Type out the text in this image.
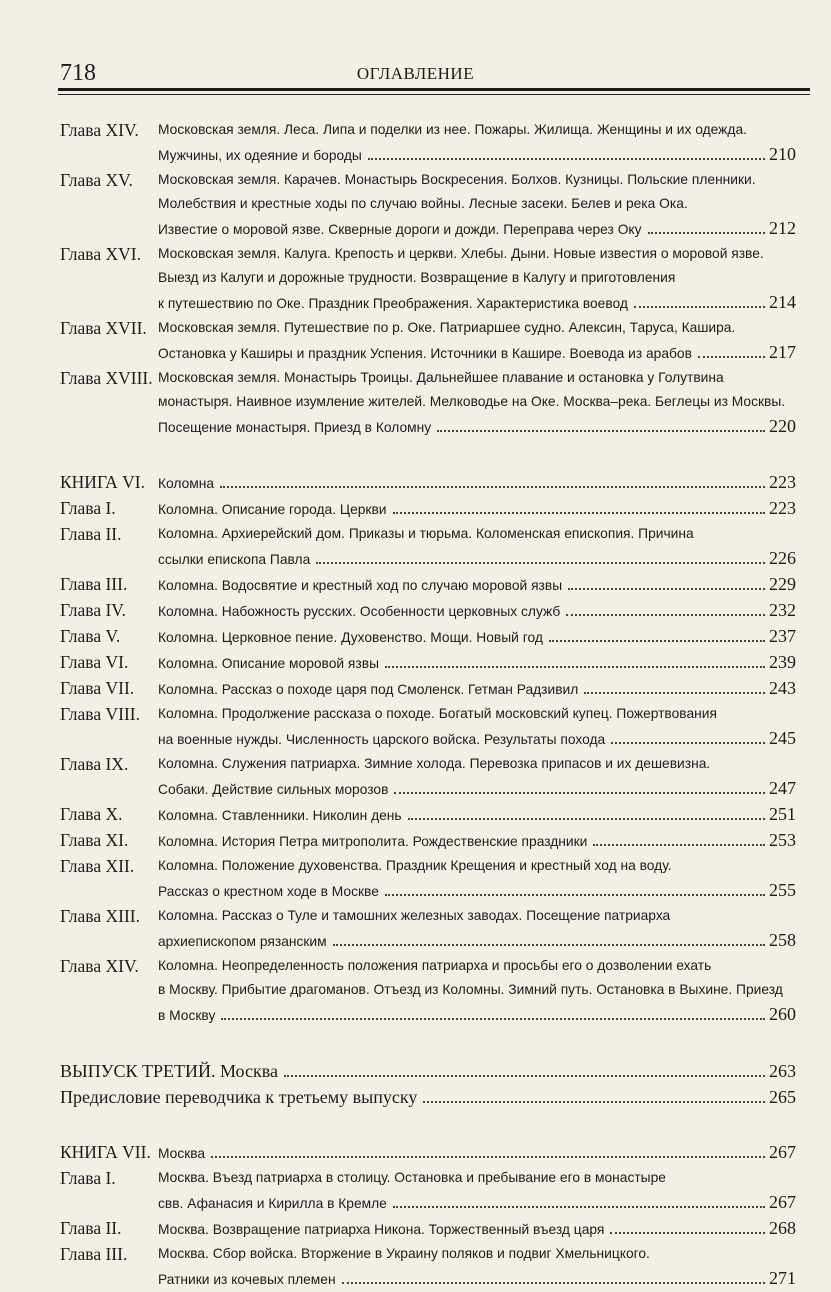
718	ОГЛАВЛЕНИЕ
Глава XIV.	Московская земля. Леса. Липа и поделки из нее. Пожары. Жилища. Женщины и их одежда.
Мужчины, их одеяние и бороды	210
Глава XV.	Московская земля. Карачев. Монастырь Воскресения. Болхов. Кузницы. Польские пленники.
Молебствия и крестные ходы по случаю войны. Лесные засеки. Белев и река Ока.
Известие о моровой язве. Скверные дороги и дожди. Переправа через Оку	212
Глава XVI.	Московская земля. Калуга. Крепость и церкви. Хлебы. Дыни. Новые известия о моровой язве.
Выезд из Калуги и дорожные трудности. Возвращение в Калугу и приготовления
к путешествию по Оке. Праздник Преображения. Характеристика воевод	214
Глава XVII. Московская земля. Путешествие по р. Оке. Патриаршее судно. Алексин, Таруса, Кашира.
Остановка у Каширы и праздник Успения. Источники в Кашире. Воевода из арабов	217
Глава XVIII. Московская земля. Монастырь Троицы. Дальнейшее плавание и остановка у Голутвина
монастыря. Наивное изумление жителей. Мелководье на Оке. Москва–река. Беглецы из Москвы.
Посещение монастыря. Приезд в Коломну	220
КНИГА VI. Коломна	223
Глава I.	Коломна. Описание города. Церкви	223
Глава II.	Коломна. Архиерейский дом. Приказы и тюрьма. Коломенская епископия. Причина
ссылки епископа Павла	226
Глава III.	Коломна. Водосвятие и крестный ход по случаю моровой язвы	229
Глава IV.	Коломна. Набожность русских. Особенности церковных служб	232
Глава V.	Коломна. Церковное пение. Духовенство. Мощи. Новый год	237
Глава VI.	Коломна. Описание моровой язвы	239
Глава VII.	Коломна. Рассказ о походе царя под Смоленск. Гетман Радзивил	243
Глава VIII.	Коломна. Продолжение рассказа о походе. Богатый московский купец. Пожертвования
на военные нужды. Численность царского войска. Результаты похода	245
Глава IX.	Коломна. Служения патриарха. Зимние холода. Перевозка припасов и их дешевизна.
Собаки. Действие сильных морозов	247
Глава X.	Коломна. Ставленники. Николин день	251
Глава XI.	Коломна. История Петра митрополита. Рождественские праздники	253
Глава XII.	Коломна. Положение духовенства. Праздник Крещения и крестный ход на воду.
Рассказ о крестном ходе в Москве	255
Глава XIII.	Коломна. Рассказ о Туле и тамошних железных заводах. Посещение патриарха
архиепископом рязанским	258
Глава XIV.	Коломна. Неопределенность положения патриарха и просьбы его о дозволении ехать
в Москву. Прибытие драгоманов. Отъезд из Коломны. Зимний путь. Остановка в Выхине. Приезд
в Москву	260
ВЫПУСК ТРЕТИЙ. Москва	263
Предисловие переводчика к третьему выпуску	265
КНИГА VII. Москва	267
Глава I.	Москва. Въезд патриарха в столицу. Остановка и пребывание его в монастыре
свв. Афанасия и Кирилла в Кремле	267
Глава II.	Москва. Возвращение патриарха Никона. Торжественный въезд царя	268
Глава III.	Москва. Сбор войска. Вторжение в Украину поляков и подвиг Хмельницкого.
Ратники из кочевых племен	271
